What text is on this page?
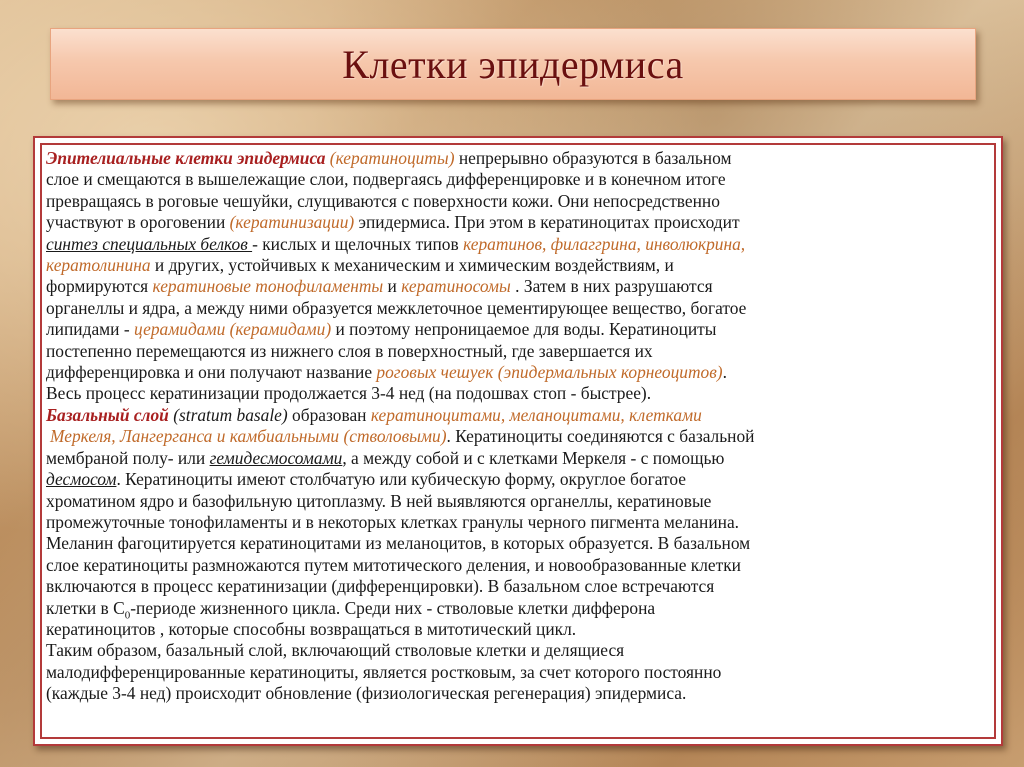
Клетки эпидермиса
Эпителиальные клетки эпидермиса (кератиноциты) непрерывно образуются в базальном
слое и смещаются в вышележащие слои, подвергаясь дифференцировке и в конечном итоге
превращаясь в роговые чешуйки, слущиваются с поверхности кожи. Они непосредственно
участвуют в ороговении (кератинизации) эпидермиса. При этом в кератиноцитах происходит
синтез специальных белков - кислых и щелочных типов кератинов, филаггрина, инволюкрина,
кератолинина и других, устойчивых к механическим и химическим воздействиям, и
формируются кератиновые тонофиламенты и кератиносомы . Затем в них разрушаются
органеллы и ядра, а между ними образуется межклеточное цементирующее вещество, богатое
липидами - церамидами (керамидами) и поэтому непроницаемое для воды. Кератиноциты
постепенно перемещаются из нижнего слоя в поверхностный, где завершается их
дифференцировка и они получают название роговых чешуек (эпидермальных корнеоцитов).
Весь процесс кератинизации продолжается 3-4 нед (на подошвах стоп - быстрее).
Базальный слой (stratum basale) образован кератиноцитами, меланоцитами, клетками
Меркеля, Лангерганса и камбиальными (стволовыми). Кератиноциты соединяются с базальной
мембраной полу- или гемидесмосомами, а между собой и с клетками Меркеля - с помощью
десмосом. Кератиноциты имеют столбчатую или кубическую форму, округлое богатое
хроматином ядро и базофильную цитоплазму. В ней выявляются органеллы, кератиновые
промежуточные тонофиламенты и в некоторых клетках гранулы черного пигмента меланина.
Меланин фагоцитируется кератиноцитами из меланоцитов, в которых образуется. В базальном
слое кератиноциты размножаются путем митотического деления, и новообразованные клетки
включаются в процесс кератинизации (дифференцировки). В базальном слое встречаются
клетки в $С_0$-периоде жизненного цикла. Среди них - стволовые клетки дифферона
кератиноцитов , которые способны возвращаться в митотический цикл.
Таким образом, базальный слой, включающий стволовые клетки и делящиеся
малодифференцированные кератиноциты, является ростковым, за счет которого постоянно
(каждые 3-4 нед) происходит обновление (физиологическая регенерация) эпидермиса.
